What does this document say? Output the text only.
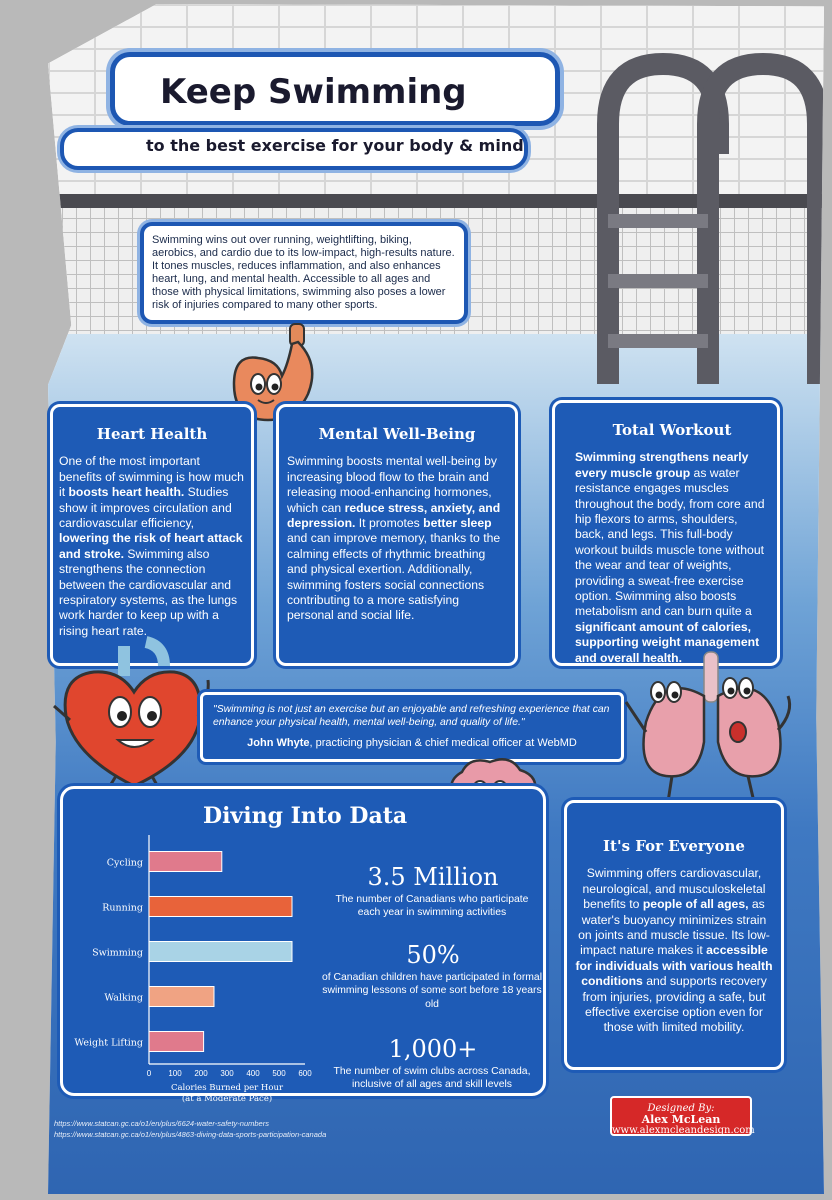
Keep Swimming
to the best exercise for your body & mind
Swimming wins out over running, weightlifting, biking, aerobics, and cardio due to its low-impact, high-results nature. It tones muscles, reduces inflammation, and also enhances heart, lung, and mental health. Accessible to all ages and those with physical limitations, swimming also poses a lower risk of injuries compared to many other sports.
Heart Health
One of the most important benefits of swimming is how much it boosts heart health. Studies show it improves circulation and cardiovascular efficiency, lowering the risk of heart attack and stroke. Swimming also strengthens the connection between the cardiovascular and respiratory systems, as the lungs work harder to keep up with a rising heart rate.
Mental Well-Being
Swimming boosts mental well-being by increasing blood flow to the brain and releasing mood-enhancing hormones, which can reduce stress, anxiety, and depression. It promotes better sleep and can improve memory, thanks to the calming effects of rhythmic breathing and physical exertion. Additionally, swimming fosters social connections contributing to a more satisfying personal and social life.
Total Workout
Swimming strengthens nearly every muscle group as water resistance engages muscles throughout the body, from core and hip flexors to arms, shoulders, back, and legs. This full-body workout builds muscle tone without the wear and tear of weights, providing a sweat-free exercise option. Swimming also boosts metabolism and can burn quite a significant amount of calories, supporting weight management and overall health.
"Swimming is not just an exercise but an enjoyable and refreshing experience that can enhance your physical health, mental well-being, and quality of life."
John Whyte, practicing physician & chief medical officer at WebMD
Diving Into Data
Cycling
Running
Swimming
Walking
Weight Lifting
0 100 200 300 400 500 600
Calories Burned per Hour
(at a Moderate Pace)
3.5 Million
The number of Canadians who participate each year in swimming activities
50%
of Canadian children have participated in formal swimming lessons of some sort before 18 years old
1,000+
The number of swim clubs across Canada, inclusive of all ages and skill levels
It's For Everyone
Swimming offers cardiovascular, neurological, and musculoskeletal benefits to people of all ages, as water's buoyancy minimizes strain on joints and muscle tissue. Its low-impact nature makes it accessible for individuals with various health conditions and supports recovery from injuries, providing a safe, but effective exercise option even for those with limited mobility.
Designed By:
Alex McLean
www.alexmcleandesign.com
https://www.statcan.gc.ca/o1/en/plus/6624-water-safety-numbers
https://www.statcan.gc.ca/o1/en/plus/4863-diving-data-sports-participation-canada
